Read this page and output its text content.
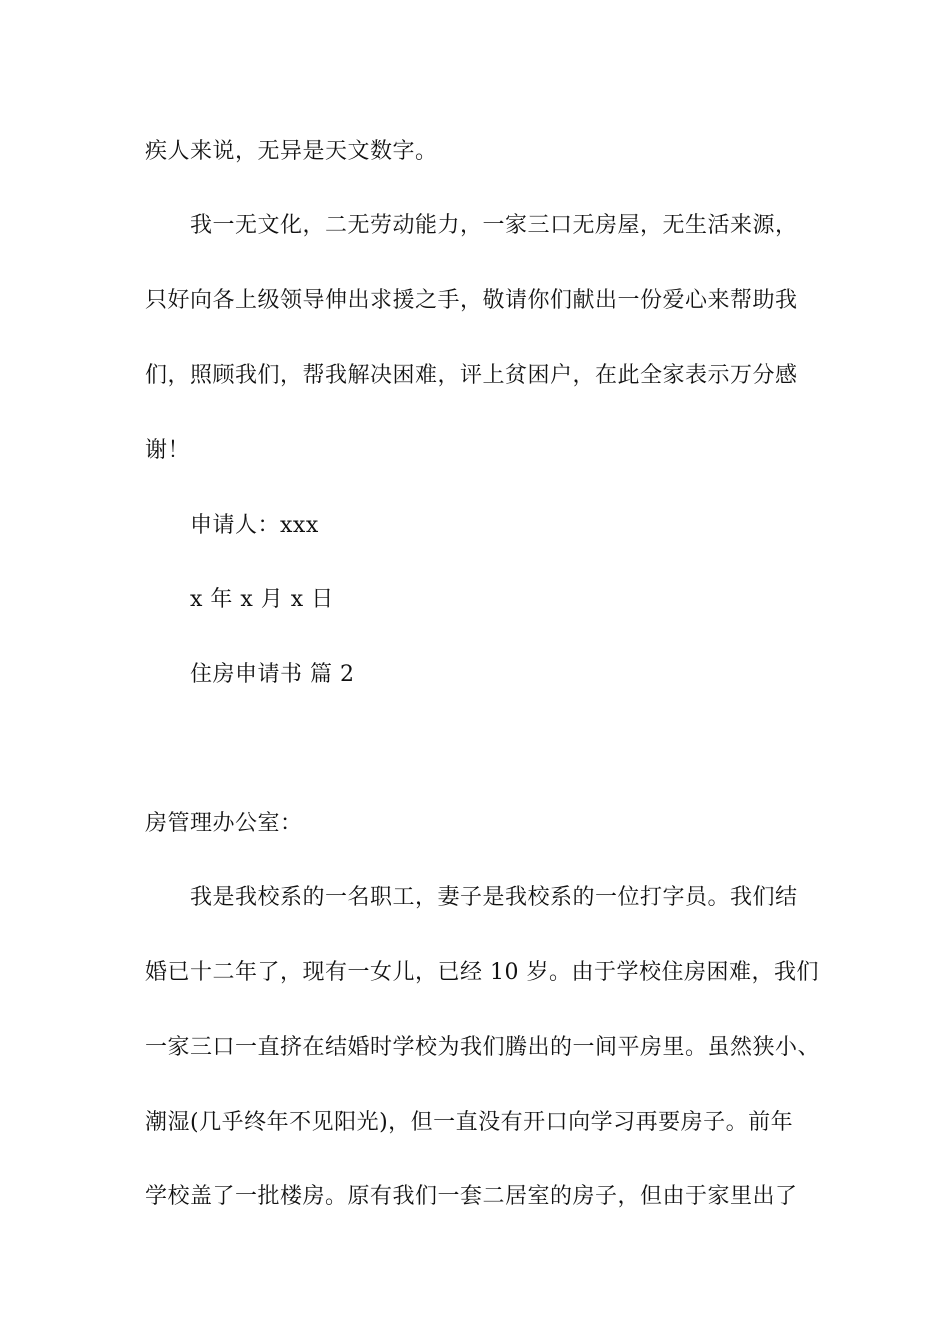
疾人来说，无异是天文数字。
我一无文化，二无劳动能力，一家三口无房屋，无生活来源，
只好向各上级领导伸出求援之手，敬请你们献出一份爱心来帮助我
们，照顾我们，帮我解决困难，评上贫困户，在此全家表示万分感
谢！
申请人：xxx
x 年 x 月 x 日
住房申请书 篇 2
房管理办公室：
我是我校系的一名职工，妻子是我校系的一位打字员。我们结
婚已十二年了，现有一女儿，已经 10 岁。由于学校住房困难，我们
一家三口一直挤在结婚时学校为我们腾出的一间平房里。虽然狭小、
潮湿(几乎终年不见阳光)，但一直没有开口向学习再要房子。前年
学校盖了一批楼房。原有我们一套二居室的房子，但由于家里出了
